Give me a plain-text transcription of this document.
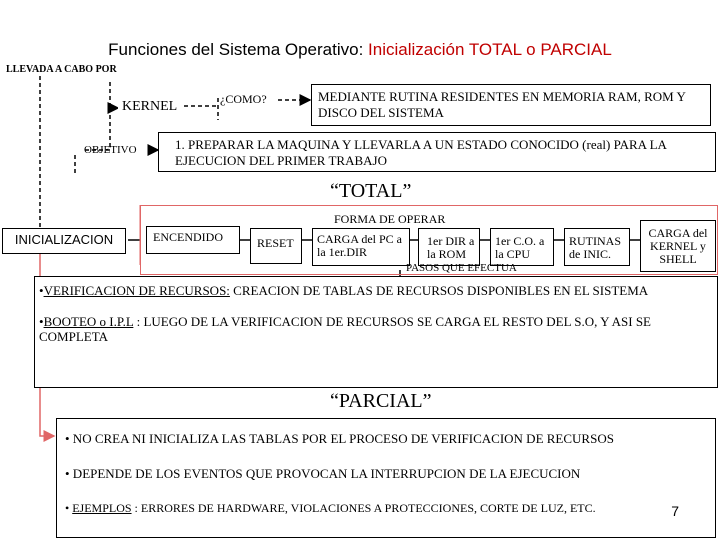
Funciones del Sistema Operativo: Inicialización TOTAL o PARCIAL
LLEVADA A CABO POR
KERNEL	¿COMO?	MEDIANTE RUTINA RESIDENTES EN MEMORIA RAM, ROM Y DISCO DEL SISTEMA
OBJETIVO	1. PREPARAR LA MAQUINA Y LLEVARLA A UN ESTADO CONOCIDO (real) PARA LA EJECUCION DEL PRIMER TRABAJO
“TOTAL”
FORMA DE OPERAR
INICIALIZACION	ENCENDIDO	RESET	CARGA del PC a la 1er.DIR
1er DIR a la ROM
1er C.O. a la CPU
RUTINAS de INIC.
CARGA del KERNEL y SHELL
PASOS QUE EFECTUA
•VERIFICACION DE RECURSOS: CREACION DE TABLAS DE RECURSOS DISPONIBLES EN EL SISTEMA
•BOOTEO o I.P.L : LUEGO DE LA VERIFICACION DE RECURSOS SE CARGA EL RESTO DEL S.O, Y ASI SE COMPLETA
“PARCIAL”
• NO CREA NI INICIALIZA LAS TABLAS POR EL PROCESO DE VERIFICACION DE RECURSOS
• DEPENDE DE LOS EVENTOS QUE PROVOCAN LA INTERRUPCION DE LA EJECUCION
• EJEMPLOS : ERRORES DE HARDWARE, VIOLACIONES A PROTECCIONES, CORTE DE LUZ, ETC.	7
